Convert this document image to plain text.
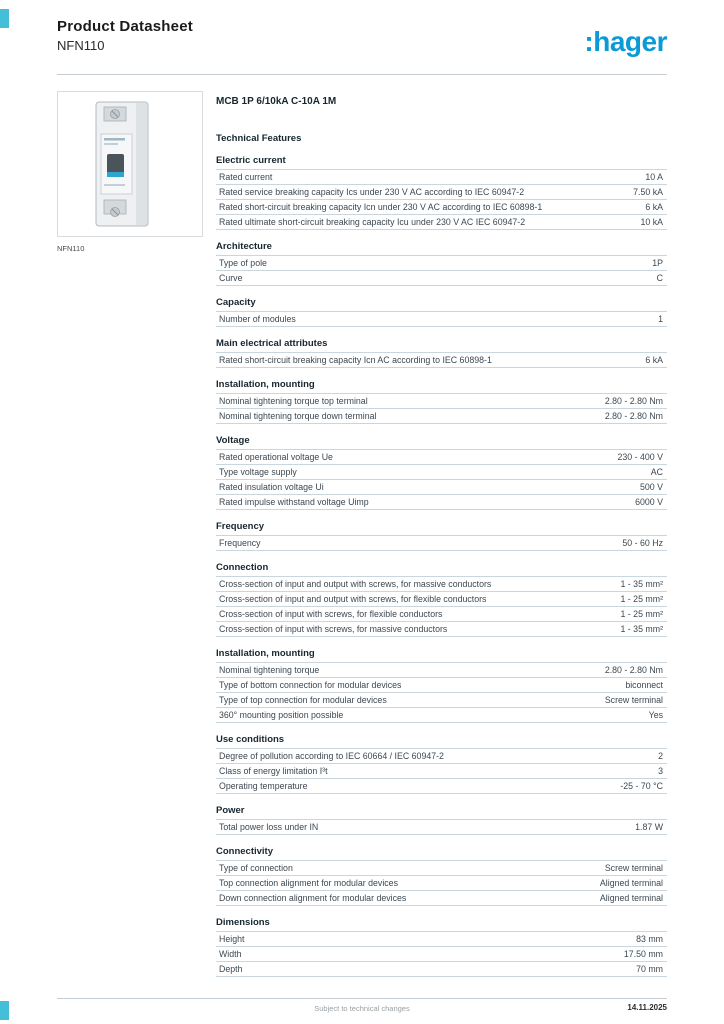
Product Datasheet
NFN110	:hager
NFN110
MCB 1P 6/10kA C-10A 1M
Technical Features
Electric current
Rated current	10 A
Rated service breaking capacity Ics under 230 V AC according to IEC 60947-2	7.50 kA
Rated short-circuit breaking capacity Icn under 230 V AC according to IEC 60898-1	6 kA
Rated ultimate short-circuit breaking capacity Icu under 230 V AC IEC 60947-2	10 kA
Architecture
Type of pole	1P
Curve	C
Capacity
Number of modules	1
Main electrical attributes
Rated short-circuit breaking capacity Icn AC according to IEC 60898-1	6 kA
Installation, mounting
Nominal tightening torque top terminal	2.80 - 2.80 Nm
Nominal tightening torque down terminal	2.80 - 2.80 Nm
Voltage
Rated operational voltage Ue	230 - 400 V
Type voltage supply	AC
Rated insulation voltage Ui	500 V
Rated impulse withstand voltage Uimp	6000 V
Frequency
Frequency	50 - 60 Hz
Connection
Cross-section of input and output with screws, for massive conductors	1 - 35 mm²
Cross-section of input and output with screws, for flexible conductors	1 - 25 mm²
Cross-section of input with screws, for flexible conductors	1 - 25 mm²
Cross-section of input with screws, for massive conductors	1 - 35 mm²
Installation, mounting
Nominal tightening torque	2.80 - 2.80 Nm
Type of bottom connection for modular devices	biconnect
Type of top connection for modular devices	Screw terminal
360° mounting position possible	Yes
Use conditions
Degree of pollution according to IEC 60664 / IEC 60947-2	2
Class of energy limitation I³t	3
Operating temperature	-25 - 70 °C
Power
Total power loss under IN	1.87 W
Connectivity
Type of connection	Screw terminal
Top connection alignment for modular devices	Aligned terminal
Down connection alignment for modular devices	Aligned terminal
Dimensions
Height	83 mm
Width	17.50 mm
Depth	70 mm
Subject to technical changes	14.11.2025
